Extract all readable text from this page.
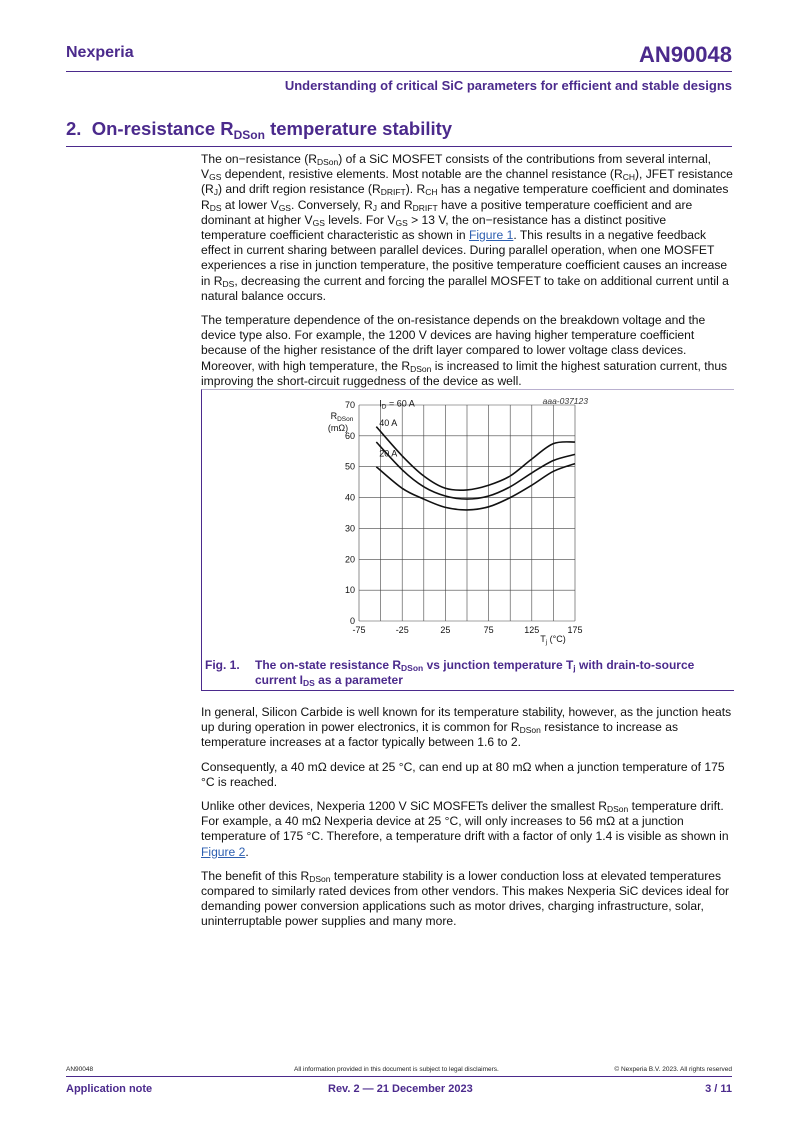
Nexperia	AN90048
Understanding of critical SiC parameters for efficient and stable designs
2. On-resistance $R_{DSon}$ temperature stability

The on−resistance $(R_{DSon})$ of a SiC MOSFET consists of the contributions from several internal, $V_{GS}$ dependent, resistive elements. Most notable are the channel resistance $(R_{CH})$, JFET resistance $(R_J)$ and drift region resistance $(R_{DRIFT})$. $R_{CH}$ has a negative temperature coefficient and dominates $R_{DS}$ at lower $V_{GS}$. Conversely, $R_J$ and $R_{DRIFT}$ have a positive temperature coefficient and are dominant at higher $V_{GS}$ levels. For $V_{GS} > 13$ V, the on−resistance has a distinct positive temperature coefficient characteristic as shown in Figure 1. This results in a negative feedback effect in current sharing between parallel devices. During parallel operation, when one MOSFET experiences a rise in junction temperature, the positive temperature coefficient causes an increase in $R_{DS}$, decreasing the current and forcing the parallel MOSFET to take on additional current until a natural balance occurs.

The temperature dependence of the on-resistance depends on the breakdown voltage and the device type also. For example, the 1200 V devices are having higher temperature coefficient because of the higher resistance of the drift layer compared to lower voltage class devices. Moreover, with high temperature, the $R_{DSon}$ is increased to limit the highest saturation current, thus improving the short-circuit ruggedness of the device as well.

aaa-037123
-75	-25	25	75	125	175
0
10
20
30
40
50
60
70
$R_{DSon}$
(mΩ)
$T_j$ (°C)
$I_D = 60$ A
40 A
20 A
Fig. 1. The on-state resistance $R_{DSon}$ vs junction temperature $T_j$ with drain-to-source current $I_{DS}$ as a parameter

In general, Silicon Carbide is well known for its temperature stability, however, as the junction heats up during operation in power electronics, it is common for $R_{DSon}$ resistance to increase as temperature increases at a factor typically between 1.6 to 2.

Consequently, a 40 mΩ device at 25 °C, can end up at 80 mΩ when a junction temperature of 175 °C is reached.

Unlike other devices, Nexperia 1200 V SiC MOSFETs deliver the smallest $R_{DSon}$ temperature drift. For example, a 40 mΩ Nexperia device at 25 °C, will only increases to 56 mΩ at a junction temperature of 175 °C. Therefore, a temperature drift with a factor of only 1.4 is visible as shown in Figure 2.

The benefit of this $R_{DSon}$ temperature stability is a lower conduction loss at elevated temperatures compared to similarly rated devices from other vendors. This makes Nexperia SiC devices ideal for demanding power conversion applications such as motor drives, charging infrastructure, solar, uninterruptable power supplies and many more.

AN90048	All information provided in this document is subject to legal disclaimers.	© Nexperia B.V. 2023. All rights reserved
Application note	Rev. 2 — 21 December 2023	3 / 11
